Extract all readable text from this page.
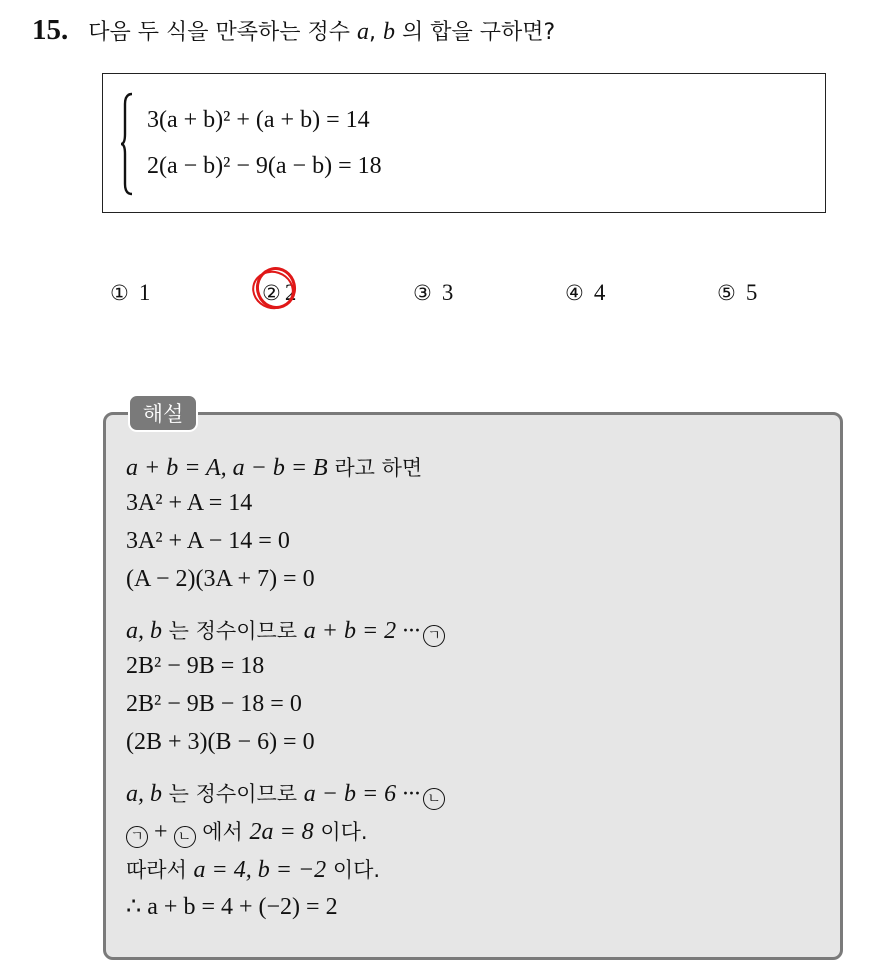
15. 다음 두 식을 만족하는 정수 a, b 의 합을 구하면?
3(a + b)² + (a + b) = 14
2(a − b)² − 9(a − b) = 18
① 1	② 2	③ 3	④ 4	⑤ 5
해설
a + b = A, a − b = B 라고 하면
3A² + A = 14
3A² + A − 14 = 0
(A − 2)(3A + 7) = 0
a, b 는 정수이므로 a + b = 2 ··· ㄱ
2B² − 9B = 18
2B² − 9B − 18 = 0
(2B + 3)(B − 6) = 0
a, b 는 정수이므로 a − b = 6 ··· ㄴ
ㄱ + ㄴ 에서 2a = 8 이다.
따라서 a = 4, b = −2 이다.
∴ a + b = 4 + (−2) = 2
